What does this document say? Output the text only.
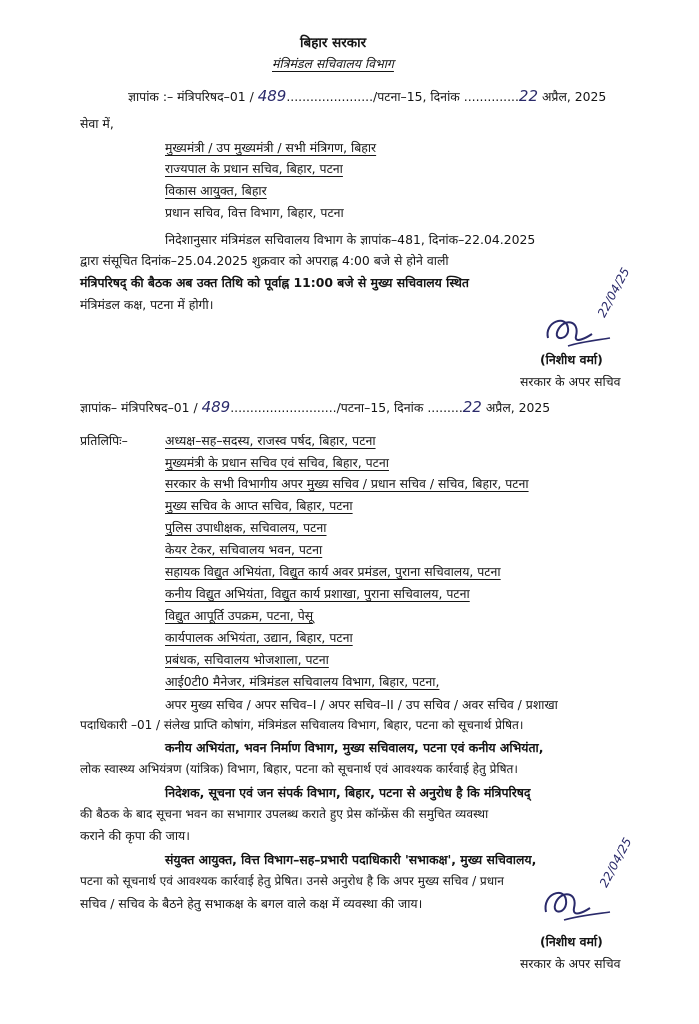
बिहार सरकार
मंत्रिमंडल सचिवालय विभाग
ज्ञापांक :– मंत्रिपरिषद–01 / 489....................../पटना–15, दिनांक ..............22 अप्रैल, 2025
सेवा में,
मुख्यमंत्री / उप मुख्यमंत्री / सभी मंत्रिगण, बिहार
राज्यपाल के प्रधान सचिव, बिहार, पटना
विकास आयुक्त, बिहार
प्रधान सचिव, वित्त विभाग, बिहार, पटना
निदेशानुसार मंत्रिमंडल सचिवालय विभाग के ज्ञापांक–481, दिनांक–22.04.2025
द्वारा संसूचित दिनांक–25.04.2025 शुक्रवार को अपराह्न 4:00 बजे से होने वाली
मंत्रिपरिषद् की बैठक अब उक्त तिथि को पूर्वाह्न 11:00 बजे से मुख्य सचिवालय स्थित
मंत्रिमंडल कक्ष, पटना में होगी।	22/04/25
(निशीथ वर्मा)
सरकार के अपर सचिव
ज्ञापांक– मंत्रिपरिषद–01 / 489.........................../पटना–15, दिनांक .........22 अप्रैल, 2025
प्रतिलिपिः–	अध्यक्ष–सह–सदस्य, राजस्व पर्षद, बिहार, पटना
मुख्यमंत्री के प्रधान सचिव एवं सचिव, बिहार, पटना
सरकार के सभी विभागीय अपर मुख्य सचिव / प्रधान सचिव / सचिव, बिहार, पटना
मुख्य सचिव के आप्त सचिव, बिहार, पटना
पुलिस उपाधीक्षक, सचिवालय, पटना
केयर टेकर, सचिवालय भवन, पटना
सहायक विद्युत अभियंता, विद्युत कार्य अवर प्रमंडल, पुराना सचिवालय, पटना
कनीय विद्युत अभियंता, विद्युत कार्य प्रशाखा, पुराना सचिवालय, पटना
विद्युत आपूर्ति उपक्रम, पटना, पेसू
कार्यपालक अभियंता, उद्यान, बिहार, पटना
प्रबंधक, सचिवालय भोजशाला, पटना
आई0टी0 मैनेजर, मंत्रिमंडल सचिवालय विभाग, बिहार, पटना,
अपर मुख्य सचिव / अपर सचिव–I / अपर सचिव–II / उप सचिव / अवर सचिव / प्रशाखा
पदाधिकारी –01 / संलेख प्राप्ति कोषांग, मंत्रिमंडल सचिवालय विभाग, बिहार, पटना को सूचनार्थ प्रेषित।
कनीय अभियंता, भवन निर्माण विभाग, मुख्य सचिवालय, पटना एवं कनीय अभियंता,
लोक स्वास्थ्य अभियंत्रण (यांत्रिक) विभाग, बिहार, पटना को सूचनार्थ एवं आवश्यक कार्रवाई हेतु प्रेषित।
निदेशक, सूचना एवं जन संपर्क विभाग, बिहार, पटना से अनुरोध है कि मंत्रिपरिषद्
की बैठक के बाद सूचना भवन का सभागार उपलब्ध कराते हुए प्रेस कॉन्फ्रेंस की समुचित व्यवस्था
कराने की कृपा की जाय।
संयुक्त आयुक्त, वित्त विभाग–सह–प्रभारी पदाधिकारी 'सभाकक्ष', मुख्य सचिवालय,
पटना को सूचनार्थ एवं आवश्यक कार्रवाई हेतु प्रेषित। उनसे अनुरोध है कि अपर मुख्य सचिव / प्रधान
सचिव / सचिव के बैठने हेतु सभाकक्ष के बगल वाले कक्ष में व्यवस्था की जाय।
22/04/25
(निशीथ वर्मा)
सरकार के अपर सचिव
